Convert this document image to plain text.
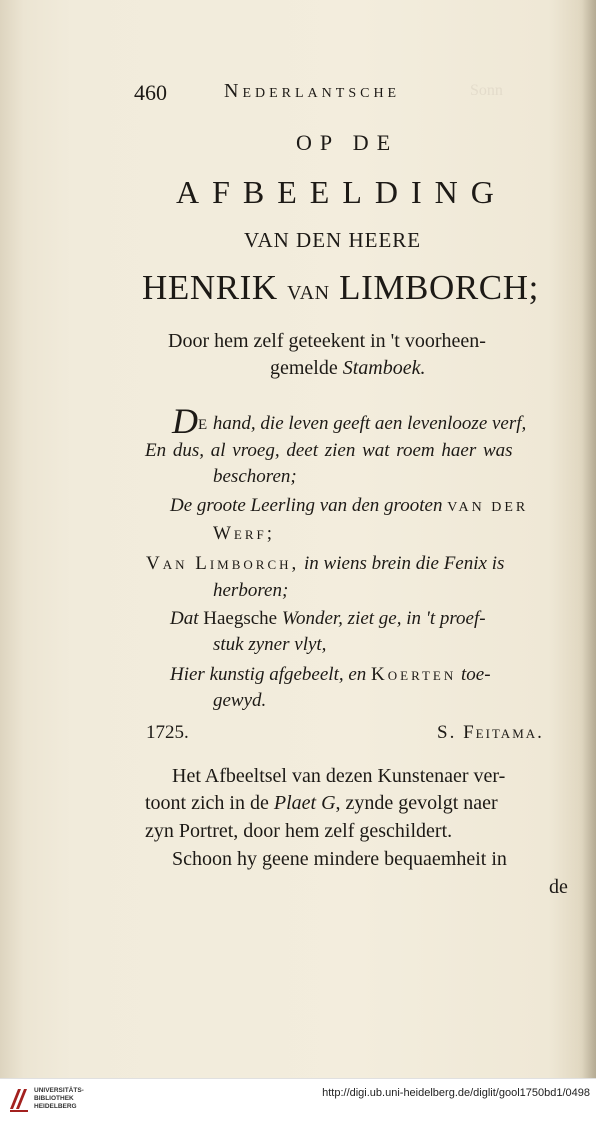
Sonn
460	Nederlantsche
OP DE
AFBEELDING
VAN DEN HEERE
HENRIK van LIMBORCH;
Door hem zelf geteekent in 't voorheen-
gemelde Stamboek.
DE hand, die leven geeft aen levenlooze verf,
En dus, al vroeg, deet zien wat roem haer was
beschoren;
De groote Leerling van den grooten VAN DER
Werf;
Van Limborch, in wiens brein die Fenix is
herboren;
Dat Haegsche Wonder, ziet ge, in 't proef-
stuk zyner vlyt,
Hier kunstig afgebeelt, en Koerten toe-
gewyd.
1725.	S. Feitama.
Het Afbeeltsel van dezen Kunstenaer ver-
toont zich in de Plaet G, zynde gevolgt naer
zyn Portret, door hem zelf geschildert.
Schoon hy geene mindere bequaemheit in
de
UNIVERSITÄTS-
BIBLIOTHEK
HEIDELBERG
http://digi.ub.uni-heidelberg.de/diglit/gool1750bd1/0498
